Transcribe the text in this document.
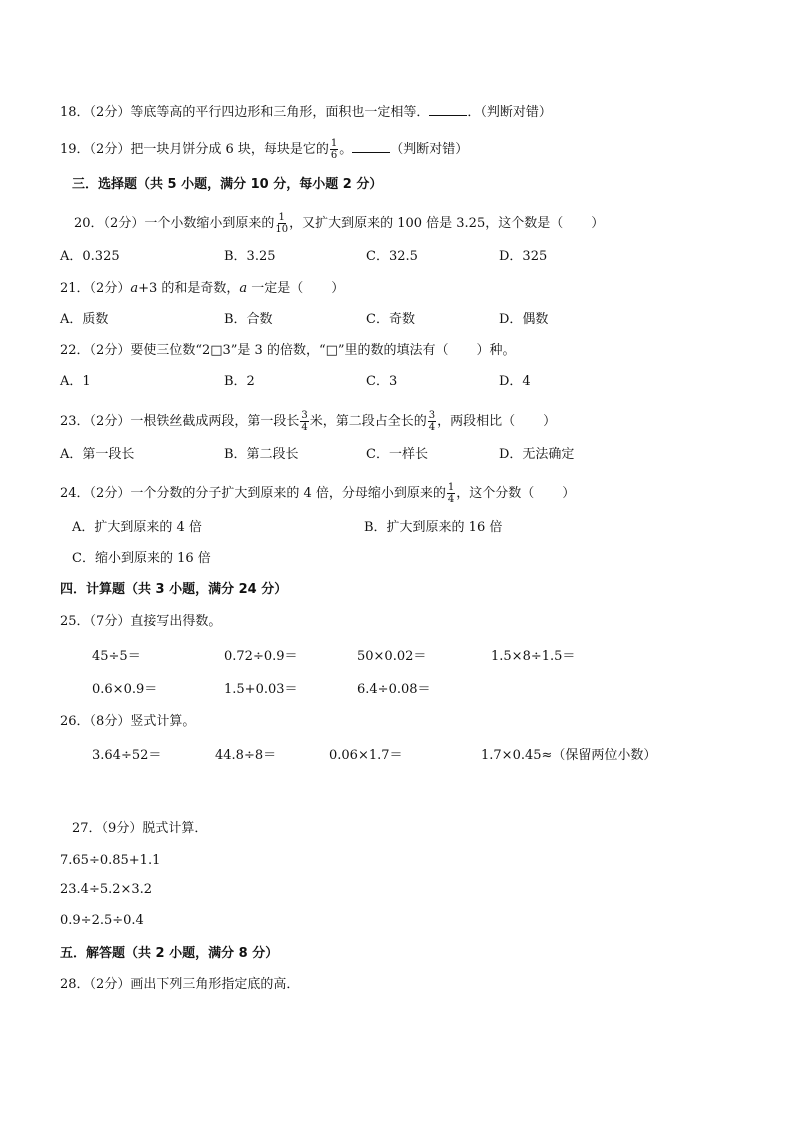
18．（2分）等底等高的平行四边形和三角形，面积也一定相等．	．（判断对错）
19．（2分）把一块月饼分成 6 块，每块是它的 $\frac{1}{6}$ 。	（判断对错）
三．选择题（共 5 小题，满分 10 分，每小题 2 分）
20．（2分）一个小数缩小到原来的 $\frac{1}{10}$ ，又扩大到原来的 100 倍是 3.25，这个数是（ ）
A．0.325	B．3.25	C．32.5	D．325
21．（2分）a+3 的和是奇数，a 一定是（ ）
A．质数	B．合数	C．奇数	D．偶数
22．（2分）要使三位数“2□3”是 3 的倍数，“□”里的数的填法有（ ）种。
A．1	B．2	C．3	D．4
23．（2分）一根铁丝截成两段，第一段长 $\frac{3}{4}$ 米，第二段占全长的 $\frac{3}{4}$ ，两段相比（ ）
A．第一段长	B．第二段长	C．一样长	D．无法确定
24．（2分）一个分数的分子扩大到原来的 4 倍，分母缩小到原来的 $\frac{1}{4}$ ，这个分数（ ）
A．扩大到原来的 4 倍	B．扩大到原来的 16 倍
C．缩小到原来的 16 倍
四．计算题（共 3 小题，满分 24 分）
25．（7分）直接写出得数。
45÷5＝	0.72÷0.9＝	50×0.02＝	1.5×8÷1.5＝
0.6×0.9＝	1.5+0.03＝	6.4÷0.08＝
26．（8分）竖式计算。
3.64÷52＝	44.8÷8＝	0.06×1.7＝	1.7×0.45≈（保留两位小数）
27．（9分）脱式计算．
7.65÷0.85+1.1
23.4÷5.2×3.2
0.9÷2.5÷0.4
五．解答题（共 2 小题，满分 8 分）
28．（2分）画出下列三角形指定底的高．
